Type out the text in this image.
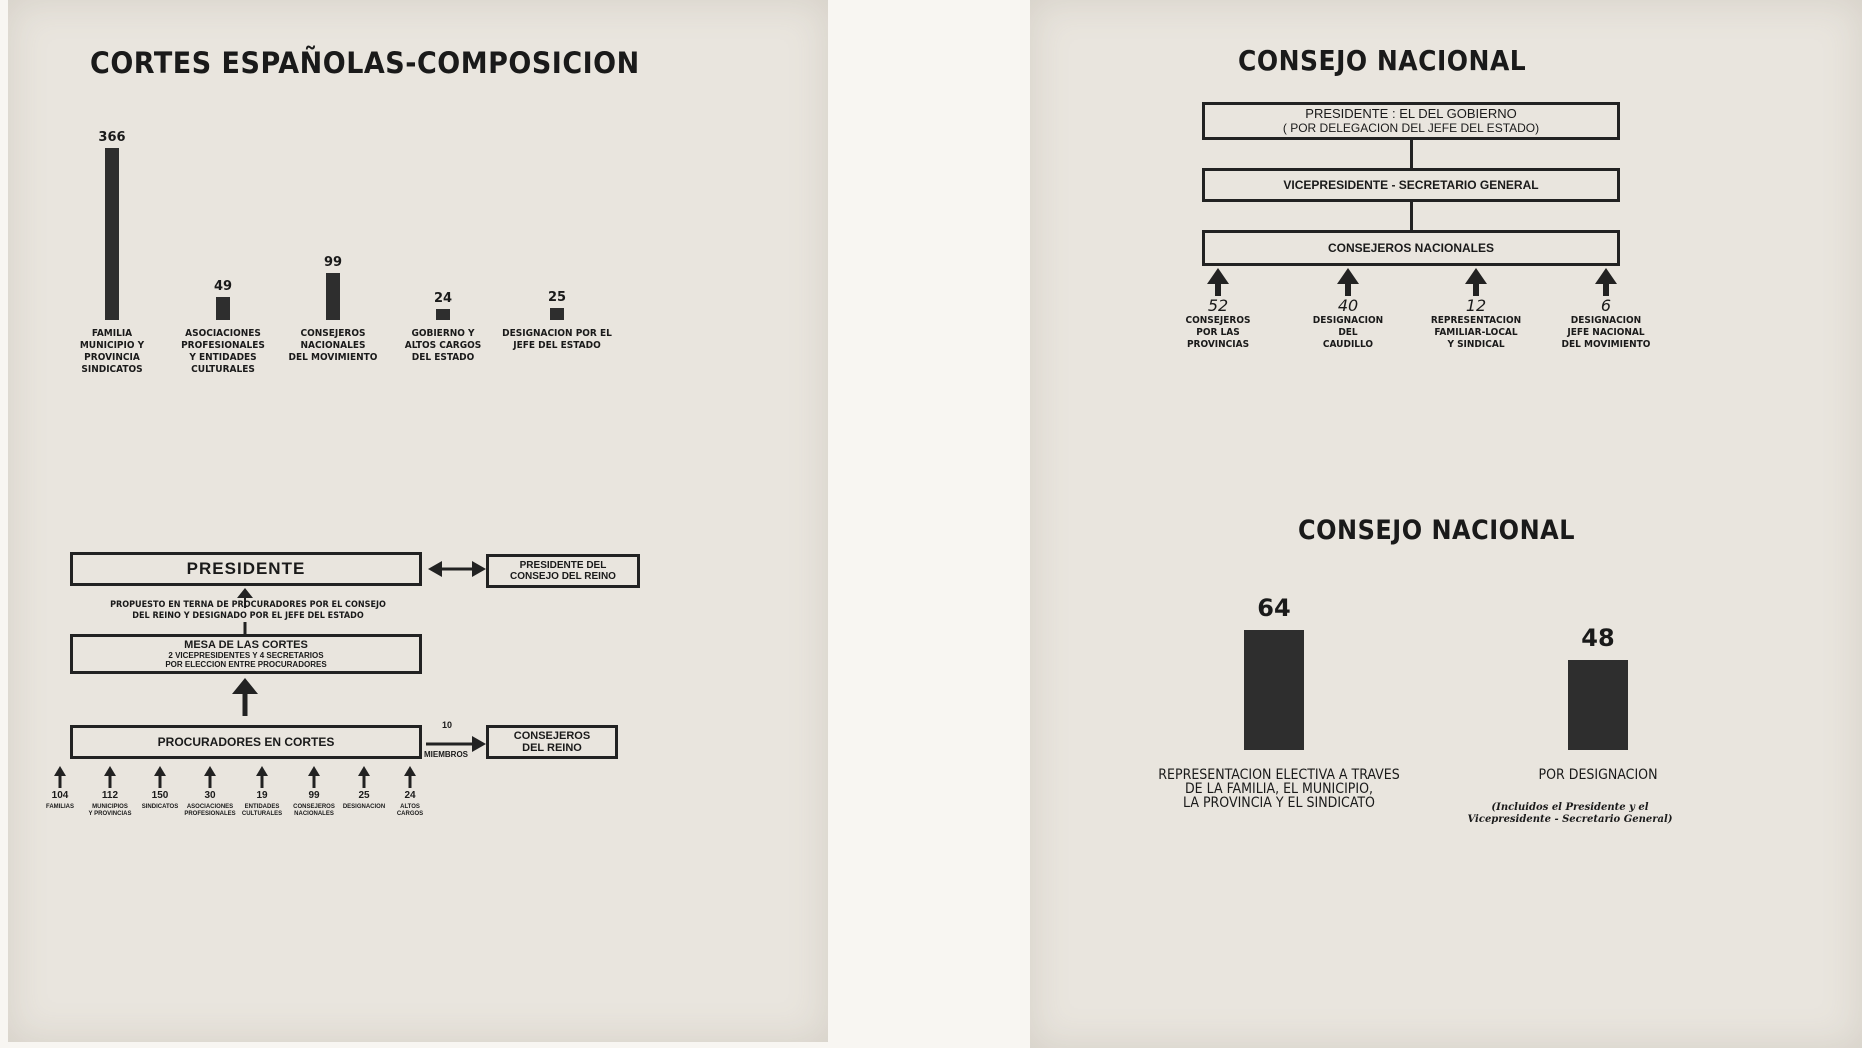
CORTES ESPAÑOLAS-COMPOSICION
366
FAMILIA
MUNICIPIO Y PROVINCIA
SINDICATOS
49
ASOCIACIONES
PROFESIONALES
Y ENTIDADES
CULTURALES
99
CONSEJEROS
NACIONALES
DEL MOVIMIENTO
24
GOBIERNO Y
ALTOS CARGOS
DEL ESTADO
25
DESIGNACION POR EL
JEFE DEL ESTADO
PRESIDENTE	PRESIDENTE DEL
CONSEJO DEL REINO
PROPUESTO EN TERNA DE PROCURADORES POR EL CONSEJO
DEL REINO Y DESIGNADO POR EL JEFE DEL ESTADO
MESA DE LAS CORTES
2 VICEPRESIDENTES Y 4 SECRETARIOS
POR ELECCION ENTRE PROCURADORES
PROCURADORES EN CORTES
10
MIEMBROS
CONSEJEROS
DEL REINO
104
FAMILIAS
112
MUNICIPIOS
Y PROVINCIAS
150
SINDICATOS
30
ASOCIACIONES
PROFESIONALES
19
ENTIDADES
CULTURALES
99
CONSEJEROS
NACIONALES
25
DESIGNACION
24
ALTOS
CARGOS
CONSEJO NACIONAL
PRESIDENTE : EL DEL GOBIERNO
( POR DELEGACION DEL JEFE DEL ESTADO)
VICEPRESIDENTE - SECRETARIO GENERAL
CONSEJEROS NACIONALES
52
CONSEJEROS
POR LAS
PROVINCIAS
40
DESIGNACION
DEL
CAUDILLO
12
REPRESENTACION
FAMILIAR-LOCAL
Y SINDICAL
6
DESIGNACION
JEFE NACIONAL
DEL MOVIMIENTO
CONSEJO NACIONAL
64
REPRESENTACION ELECTIVA A TRAVES
DE LA FAMILIA, EL MUNICIPIO,
LA PROVINCIA Y EL SINDICATO
48
POR DESIGNACION
(Incluidos el Presidente y el
Vicepresidente - Secretario General)
